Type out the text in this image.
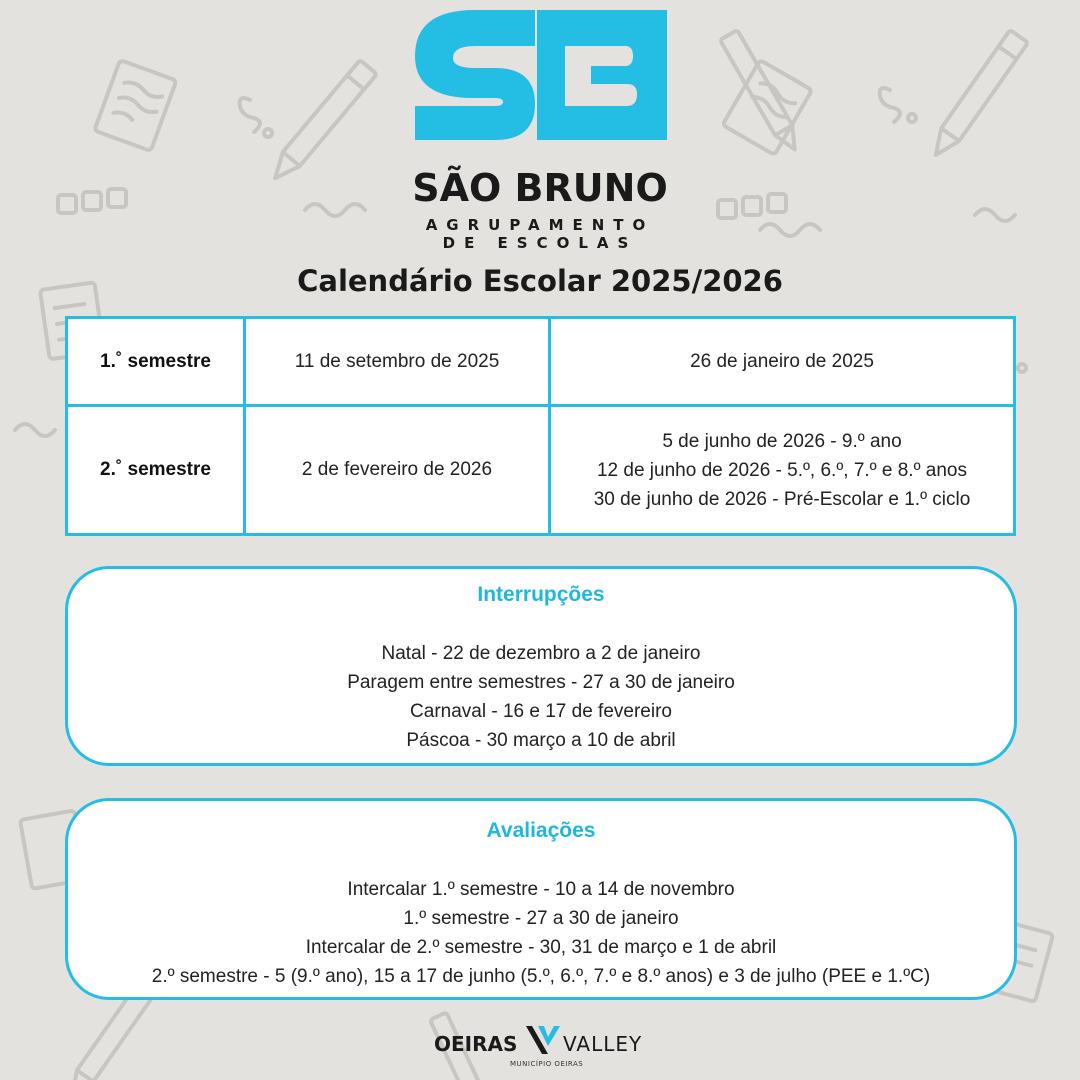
SÃO BRUNO
AGRUPAMENTO
DE ESCOLAS
Calendário Escolar 2025/2026
1.˚ semestre	11 de setembro de 2025	26 de janeiro de 2025

2.˚ semestre	2 de fevereiro de 2026	5 de junho de 2026 - 9.º ano
12 de junho de 2026 - 5.º, 6.º, 7.º e 8.º anos
30 de junho de 2026 - Pré-Escolar e 1.º ciclo
Interrupções
Natal - 22 de dezembro a 2 de janeiro
Paragem entre semestres - 27 a 30 de janeiro
Carnaval - 16 e 17 de fevereiro
Páscoa - 30 março a 10 de abril
Avaliações
Intercalar 1.º semestre - 10 a 14 de novembro
1.º semestre - 27 a 30 de janeiro
Intercalar de 2.º semestre - 30, 31 de março e 1 de abril
2.º semestre - 5 (9.º ano), 15 a 17 de junho (5.º, 6.º, 7.º e 8.º anos) e 3 de julho (PEE e 1.ºC)
OEIRAS VALLEY
MUNICÍPIO OEIRAS
